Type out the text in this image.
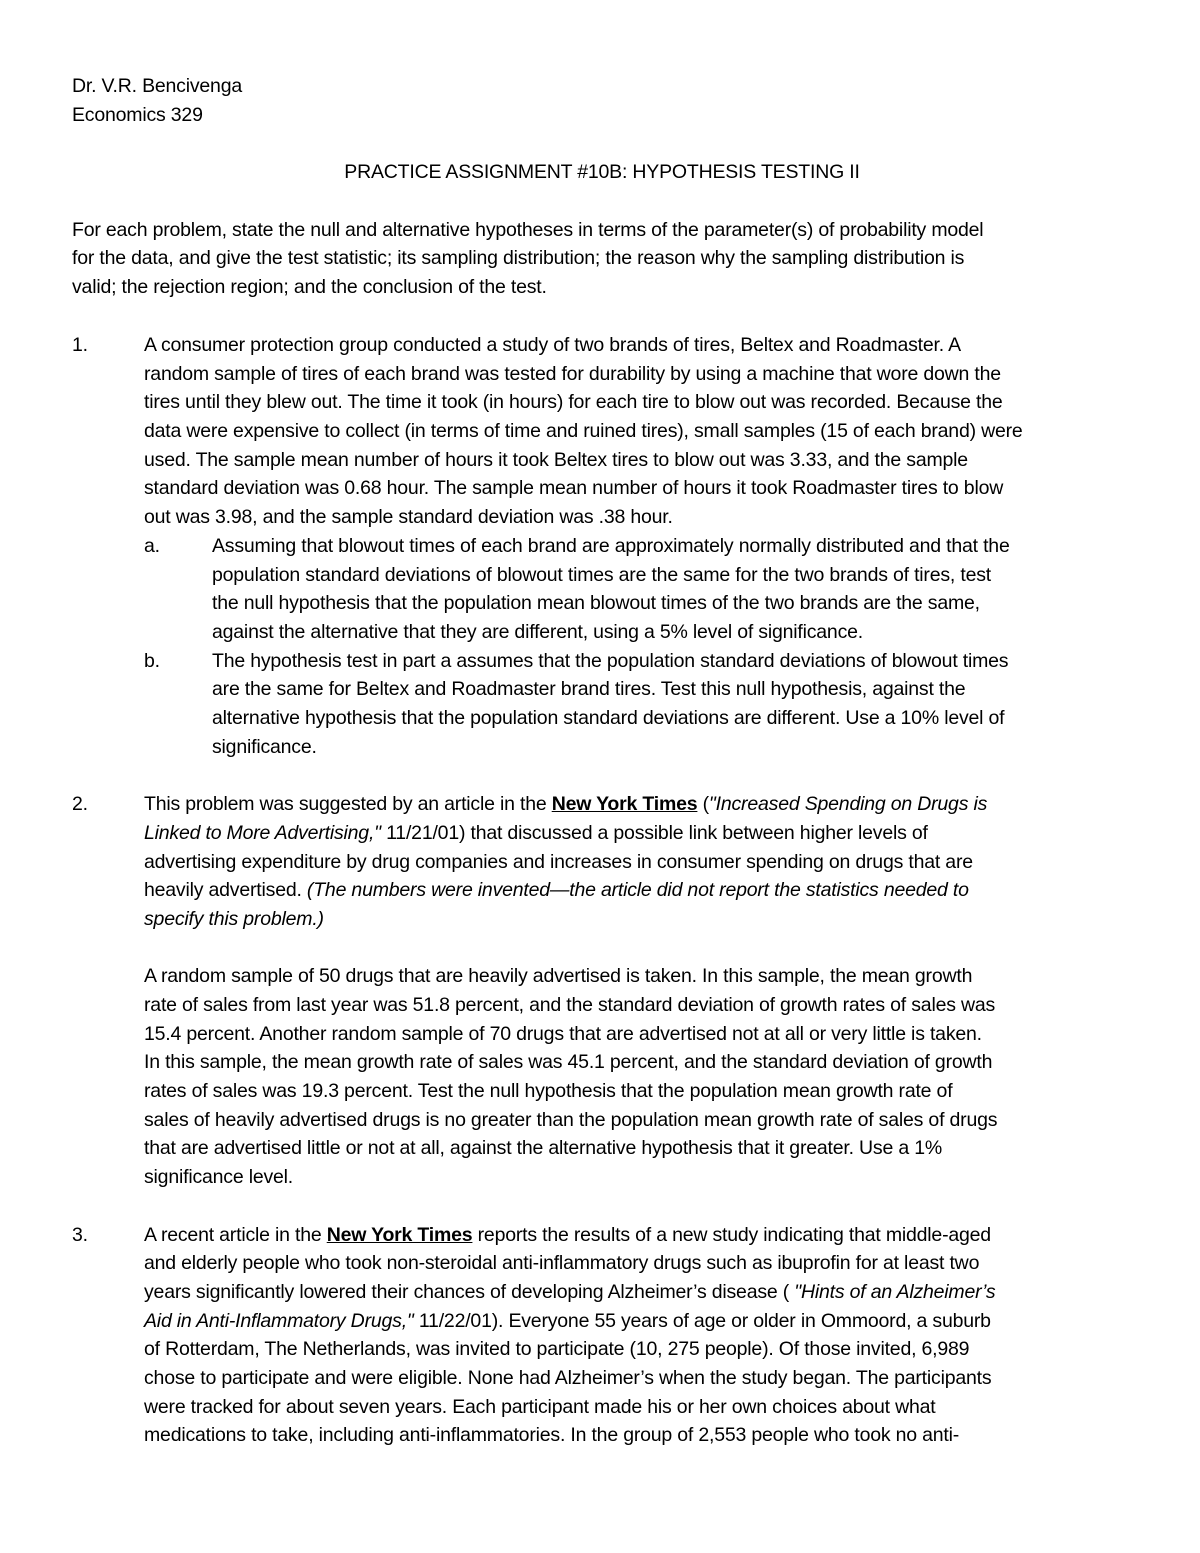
Dr. V.R. Bencivenga
Economics 329
PRACTICE ASSIGNMENT #10B: HYPOTHESIS TESTING II
For each problem, state the null and alternative hypotheses in terms of the parameter(s) of probability model
for the data, and give the test statistic; its sampling distribution; the reason why the sampling distribution is
valid; the rejection region; and the conclusion of the test.
1.	A consumer protection group conducted a study of two brands of tires, Beltex and Roadmaster. A
random sample of tires of each brand was tested for durability by using a machine that wore down the
tires until they blew out. The time it took (in hours) for each tire to blow out was recorded. Because the
data were expensive to collect (in terms of time and ruined tires), small samples (15 of each brand) were
used. The sample mean number of hours it took Beltex tires to blow out was 3.33, and the sample
standard deviation was 0.68 hour. The sample mean number of hours it took Roadmaster tires to blow
out was 3.98, and the sample standard deviation was .38 hour.
a.	Assuming that blowout times of each brand are approximately normally distributed and that the
population standard deviations of blowout times are the same for the two brands of tires, test
the null hypothesis that the population mean blowout times of the two brands are the same,
against the alternative that they are different, using a 5% level of significance.
b.	The hypothesis test in part a assumes that the population standard deviations of blowout times
are the same for Beltex and Roadmaster brand tires. Test this null hypothesis, against the
alternative hypothesis that the population standard deviations are different. Use a 10% level of
significance.
2.	This problem was suggested by an article in the New York Times ("Increased Spending on Drugs is
Linked to More Advertising," 11/21/01) that discussed a possible link between higher levels of
advertising expenditure by drug companies and increases in consumer spending on drugs that are
heavily advertised. (The numbers were invented—the article did not report the statistics needed to
specify this problem.)
A random sample of 50 drugs that are heavily advertised is taken. In this sample, the mean growth
rate of sales from last year was 51.8 percent, and the standard deviation of growth rates of sales was
15.4 percent. Another random sample of 70 drugs that are advertised not at all or very little is taken.
In this sample, the mean growth rate of sales was 45.1 percent, and the standard deviation of growth
rates of sales was 19.3 percent. Test the null hypothesis that the population mean growth rate of
sales of heavily advertised drugs is no greater than the population mean growth rate of sales of drugs
that are advertised little or not at all, against the alternative hypothesis that it greater. Use a 1%
significance level.
3.	A recent article in the New York Times reports the results of a new study indicating that middle-aged
and elderly people who took non-steroidal anti-inflammatory drugs such as ibuprofin for at least two
years significantly lowered their chances of developing Alzheimer’s disease ( "Hints of an Alzheimer’s
Aid in Anti-Inflammatory Drugs," 11/22/01). Everyone 55 years of age or older in Ommoord, a suburb
of Rotterdam, The Netherlands, was invited to participate (10, 275 people). Of those invited, 6,989
chose to participate and were eligible. None had Alzheimer’s when the study began. The participants
were tracked for about seven years. Each participant made his or her own choices about what
medications to take, including anti-inflammatories. In the group of 2,553 people who took no anti-
